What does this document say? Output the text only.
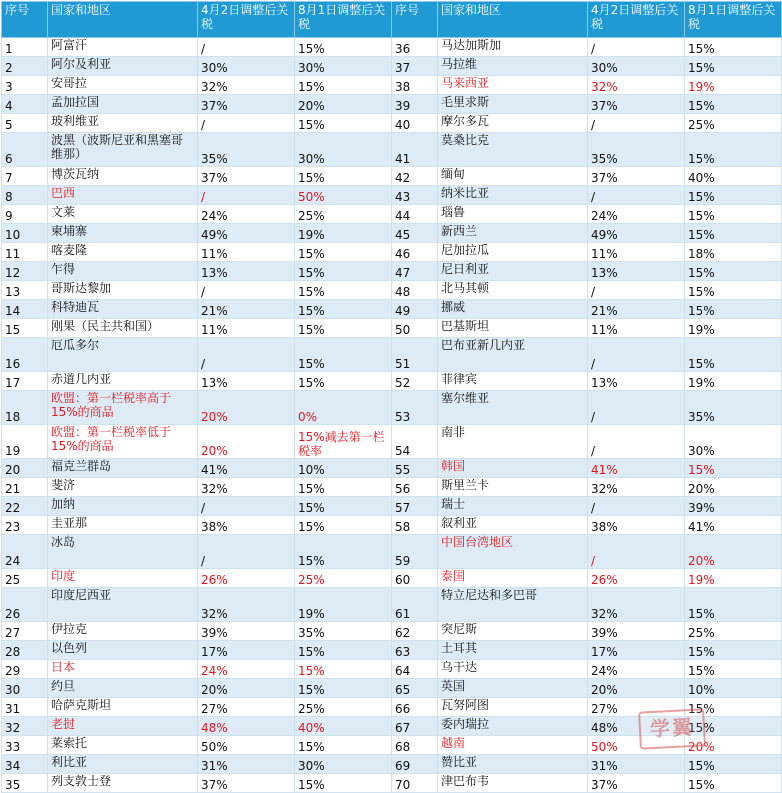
序号	国家和地区	4月2日调整后关税	8月1日调整后关税	序号	国家和地区	4月2日调整后关税	8月1日调整后关税
1	阿富汗	/	15%	36	马达加斯加	/	15%
2	阿尔及利亚	30%	30%	37	马拉维	30%	15%
3	安哥拉	32%	15%	38	马来西亚	32%	19%
4	孟加拉国	37%	20%	39	毛里求斯	37%	15%
5	玻利维亚	/	15%	40	摩尔多瓦	/	25%
6	波黑（波斯尼亚和黑塞哥维那）	35%	30%	41	莫桑比克	35%	15%
7	博茨瓦纳	37%	15%	42	缅甸	37%	40%
8	巴西	/	50%	43	纳米比亚	/	15%
9	文莱	24%	25%	44	瑙鲁	24%	15%
10	柬埔寨	49%	19%	45	新西兰	49%	15%
11	喀麦隆	11%	15%	46	尼加拉瓜	11%	18%
12	乍得	13%	15%	47	尼日利亚	13%	15%
13	哥斯达黎加	/	15%	48	北马其顿	/	15%
14	科特迪瓦	21%	15%	49	挪威	21%	15%
15	刚果（民主共和国）	11%	15%	50	巴基斯坦	11%	19%
16	厄瓜多尔	/	15%	51	巴布亚新几内亚	/	15%
17	赤道几内亚	13%	15%	52	菲律宾	13%	19%
18	欧盟：第一栏税率高于15%的商品	20%	0%	53	塞尔维亚	/	35%
19	欧盟：第一栏税率低于15%的商品	20%	15%减去第一栏税率	54	南非	/	30%
20	福克兰群岛	41%	10%	55	韩国	41%	15%
21	斐济	32%	15%	56	斯里兰卡	32%	20%
22	加纳	/	15%	57	瑞士	/	39%
23	圭亚那	38%	15%	58	叙利亚	38%	41%
24	冰岛	/	15%	59	中国台湾地区	/	20%
25	印度	26%	25%	60	泰国	26%	19%
26	印度尼西亚	32%	19%	61	特立尼达和多巴哥	32%	15%
27	伊拉克	39%	35%	62	突尼斯	39%	25%
28	以色列	17%	15%	63	土耳其	17%	15%
29	日本	24%	15%	64	乌干达	24%	15%
30	约旦	20%	15%	65	英国	20%	10%
31	哈萨克斯坦	27%	25%	66	瓦努阿图	27%	15%
32	老挝	48%	40%	67	委内瑞拉	48%	15%
33	莱索托	50%	15%	68	越南	50%	20%
34	利比亚	31%	30%	69	赞比亚	31%	15%
35	列支敦士登	37%	15%	70	津巴布韦	37%	15%
学翼
